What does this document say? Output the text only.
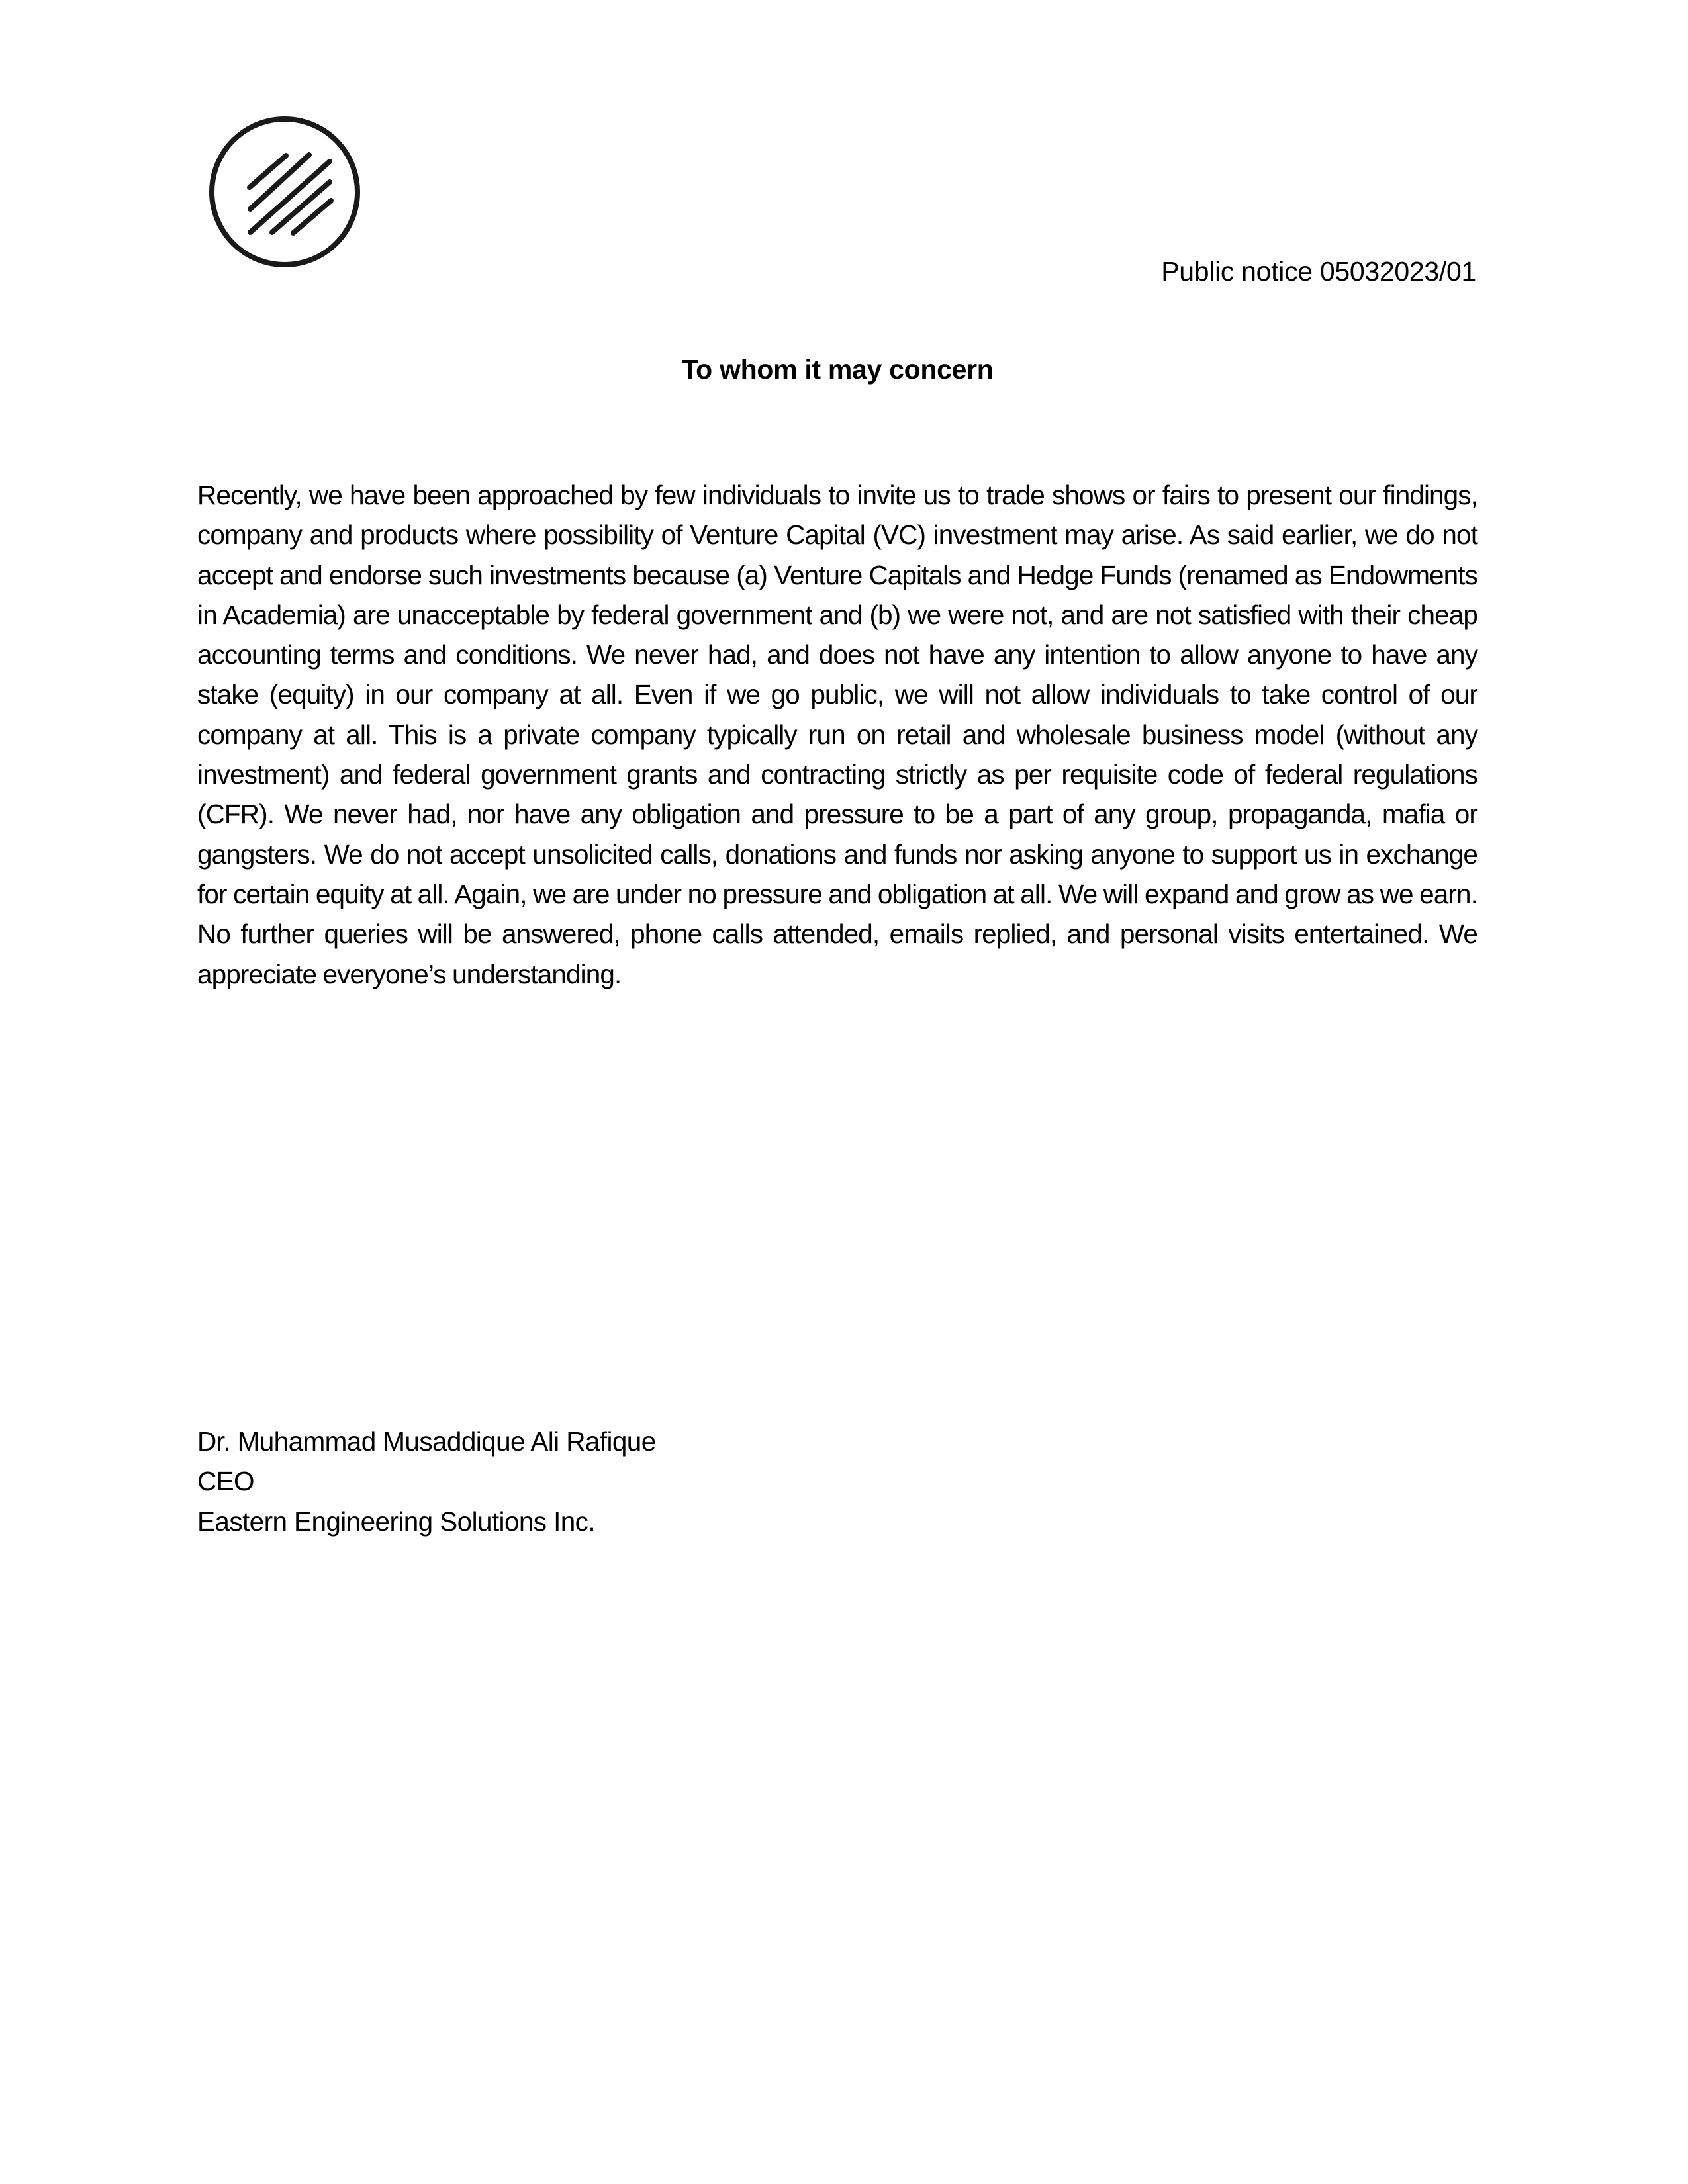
Public notice 05032023/01
To whom it may concern

Recently, we have been approached by few individuals to invite us to trade shows or fairs to present our findings, company and products where possibility of Venture Capital (VC) investment may arise. As said earlier, we do not accept and endorse such investments because (a) Venture Capitals and Hedge Funds (renamed as Endowments in Academia) are unacceptable by federal government and (b) we were not, and are not satisfied with their cheap accounting terms and conditions. We never had, and does not have any intention to allow anyone to have any stake (equity) in our company at all. Even if we go public, we will not allow individuals to take control of our company at all. This is a private company typically run on retail and wholesale business model (without any investment) and federal government grants and contracting strictly as per requisite code of federal regulations (CFR). We never had, nor have any obligation and pressure to be a part of any group, propaganda, mafia or gangsters. We do not accept unsolicited calls, donations and funds nor asking anyone to support us in exchange for certain equity at all. Again, we are under no pressure and obligation at all. We will expand and grow as we earn. No further queries will be answered, phone calls attended, emails replied, and personal visits entertained. We appreciate everyone’s understanding.

Dr. Muhammad Musaddique Ali Rafique
CEO
Eastern Engineering Solutions Inc.
